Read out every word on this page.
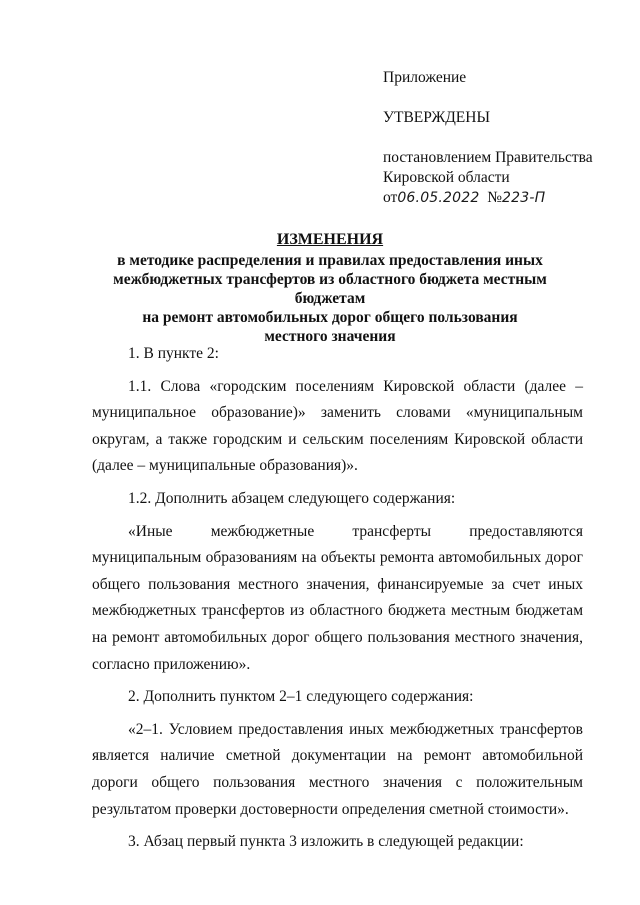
Приложение
УТВЕРЖДЕНЫ
постановлением Правительства
Кировской области
от06.05.2022 №223-П
ИЗМЕНЕНИЯ
в методике распределения и правилах предоставления иных
межбюджетных трансфертов из областного бюджета местным бюджетам
на ремонт автомобильных дорог общего пользования
местного значения

1. В пункте 2:

1.1. Слова «городским поселениям Кировской области (далее – муниципальное образование)» заменить словами «муниципальным округам, а также городским и сельским поселениям Кировской области (далее – муниципальные образования)».

1.2. Дополнить абзацем следующего содержания:

«Иные межбюджетные трансферты предоставляются муниципальным образованиям на объекты ремонта автомобильных дорог общего пользования местного значения, финансируемые за счет иных межбюджетных трансфертов из областного бюджета местным бюджетам на ремонт автомобильных дорог общего пользования местного значения, согласно приложению».

2. Дополнить пунктом 2–1 следующего содержания:

«2–1. Условием предоставления иных межбюджетных трансфертов является наличие сметной документации на ремонт автомобильной дороги общего пользования местного значения с положительным результатом проверки достоверности определения сметной стоимости».

3. Абзац первый пункта 3 изложить в следующей редакции:
